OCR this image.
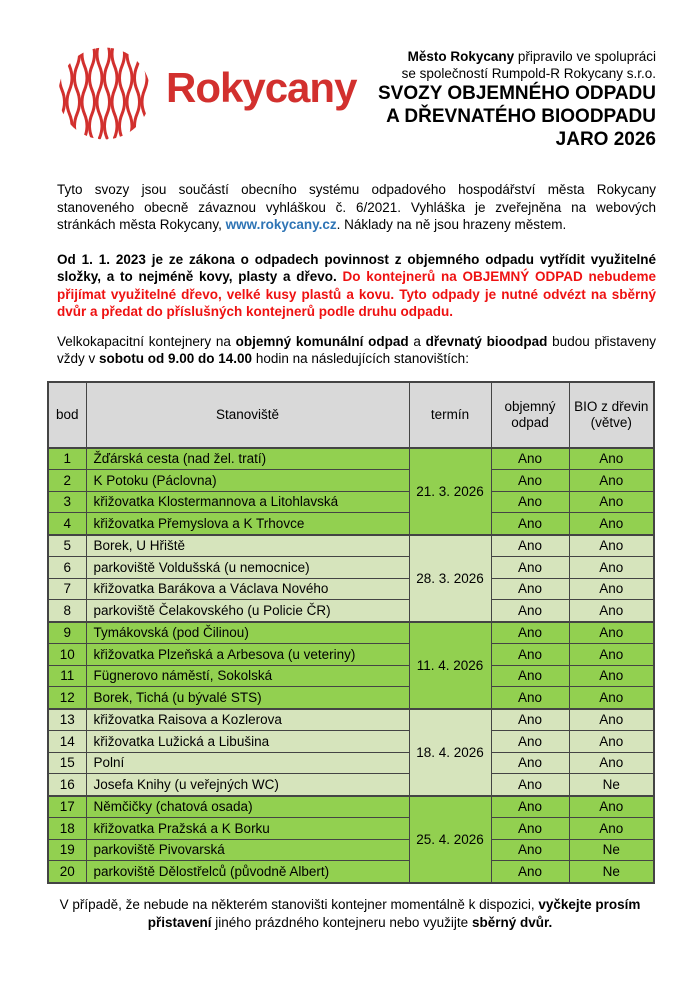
Rokycany
Město Rokycany připravilo ve spolupráci
se společností Rumpold-R Rokycany s.r.o.
SVOZY OBJEMNÉHO ODPADU
A DŘEVNATÉHO BIOODPADU
JARO 2026

Tyto svozy jsou součástí obecního systému odpadového hospodářství města Rokycany stanoveného obecně závaznou vyhláškou č. 6/2021. Vyhláška je zveřejněna na webových stránkách města Rokycany, www.rokycany.cz. Náklady na ně jsou hrazeny městem.

Od 1. 1. 2023 je ze zákona o odpadech povinnost z objemného odpadu vytřídit využitelné složky, a to nejméně kovy, plasty a dřevo. Do kontejnerů na OBJEMNÝ ODPAD nebudeme přijímat využitelné dřevo, velké kusy plastů a kovu. Tyto odpady je nutné odvézt na sběrný dvůr a předat do příslušných kontejnerů podle druhu odpadu.

Velkokapacitní kontejnery na objemný komunální odpad a dřevnatý bioodpad budou přistaveny vždy v sobotu od 9.00 do 14.00 hodin na následujících stanovištích:

bod	Stanoviště	termín	objemný odpad	BIO z dřevin (větve)
1	Žďárská cesta (nad žel. tratí)	21. 3. 2026	Ano	Ano
2	K Potoku (Páclovna)		Ano	Ano
3	křižovatka Klostermannova a Litohlavská		Ano	Ano
4	křižovatka Přemyslova a K Trhovce		Ano	Ano
5	Borek, U Hřiště	28. 3. 2026	Ano	Ano
6	parkoviště Voldušská (u nemocnice)		Ano	Ano
7	křižovatka Barákova a Václava Nového		Ano	Ano
8	parkoviště Čelakovského (u Policie ČR)		Ano	Ano
9	Tymákovská (pod Čilinou)	11. 4. 2026	Ano	Ano
10	křižovatka Plzeňská a Arbesova (u veteriny)		Ano	Ano
11	Fügnerovo náměstí, Sokolská		Ano	Ano
12	Borek, Tichá (u bývalé STS)		Ano	Ano
13	křižovatka Raisova a Kozlerova	18. 4. 2026	Ano	Ano
14	křižovatka Lužická a Libušina		Ano	Ano
15	Polní		Ano	Ano
16	Josefa Knihy (u veřejných WC)		Ano	Ne
17	Němčičky (chatová osada)	25. 4. 2026	Ano	Ano
18	křižovatka Pražská a K Borku		Ano	Ano
19	parkoviště Pivovarská		Ano	Ne
20	parkoviště Dělostřelců (původně Albert)		Ano	Ne

V případě, že nebude na některém stanovišti kontejner momentálně k dispozici, vyčkejte prosím přistavení jiného prázdného kontejneru nebo využijte sběrný dvůr.
